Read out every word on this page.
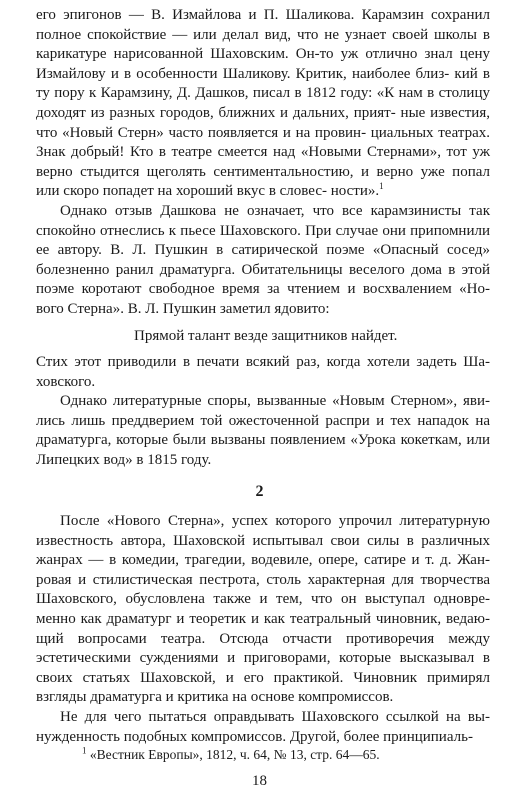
его эпигонов — В. Измайлова и П. Шаликова. Карамзин сохранил полное спокойствие — или делал вид, что не узнает своей школы в карикатуре нарисованной Шаховским. Он-то уж отлично знал цену Измайлову и в особенности Шаликову. Критик, наиболее близ- кий в ту пору к Карамзину, Д. Дашков, писал в 1812 году: «К нам в столицу доходят из разных городов, ближних и дальних, прият- ные известия, что «Новый Стерн» часто появляется и на провин- циальных театрах. Знак добрый! Кто в театре смеется над «Новыми Стернами», тот уж верно стыдится щеголять сентиментальностию, и верно уже попал или скоро попадет на хороший вкус в словес- ности».$^1$

Однако отзыв Дашкова не означает, что все карамзинисты так спокойно отнеслись к пьесе Шаховского. При случае они припомнили ее автору. В. Л. Пушкин в сатирической поэме «Опасный сосед» болезненно ранил драматурга. Обитательницы веселого дома в этой поэме коротают свободное время за чтением и восхвалением «Но- вого Стерна». В. Л. Пушкин заметил ядовито:

Прямой талант везде защитников найдет.

Стих этот приводили в печати всякий раз, когда хотели задеть Ша- ховского.

Однако литературные споры, вызванные «Новым Стерном», яви- лись лишь преддверием той ожесточенной распри и тех нападок на драматурга, которые были вызваны появлением «Урока кокеткам, или Липецких вод» в 1815 году.

2

После «Нового Стерна», успех которого упрочил литературную известность автора, Шаховской испытывал свои силы в различных жанрах — в комедии, трагедии, водевиле, опере, сатире и т. д. Жан- ровая и стилистическая пестрота, столь характерная для творчества Шаховского, обусловлена также и тем, что он выступал одновре- менно как драматург и теоретик и как театральный чиновник, ведаю- щий вопросами театра. Отсюда отчасти противоречия между эстетическими суждениями и приговорами, которые высказывал в своих статьях Шаховской, и его практикой. Чиновник примирял взгляды драматурга и критика на основе компромиссов.

Не для чего пытаться оправдывать Шаховского ссылкой на вы- нужденность подобных компромиссов. Другой, более принципиаль-

$^1$ «Вестник Европы», 1812, ч. 64, № 13, стр. 64—65.
18
